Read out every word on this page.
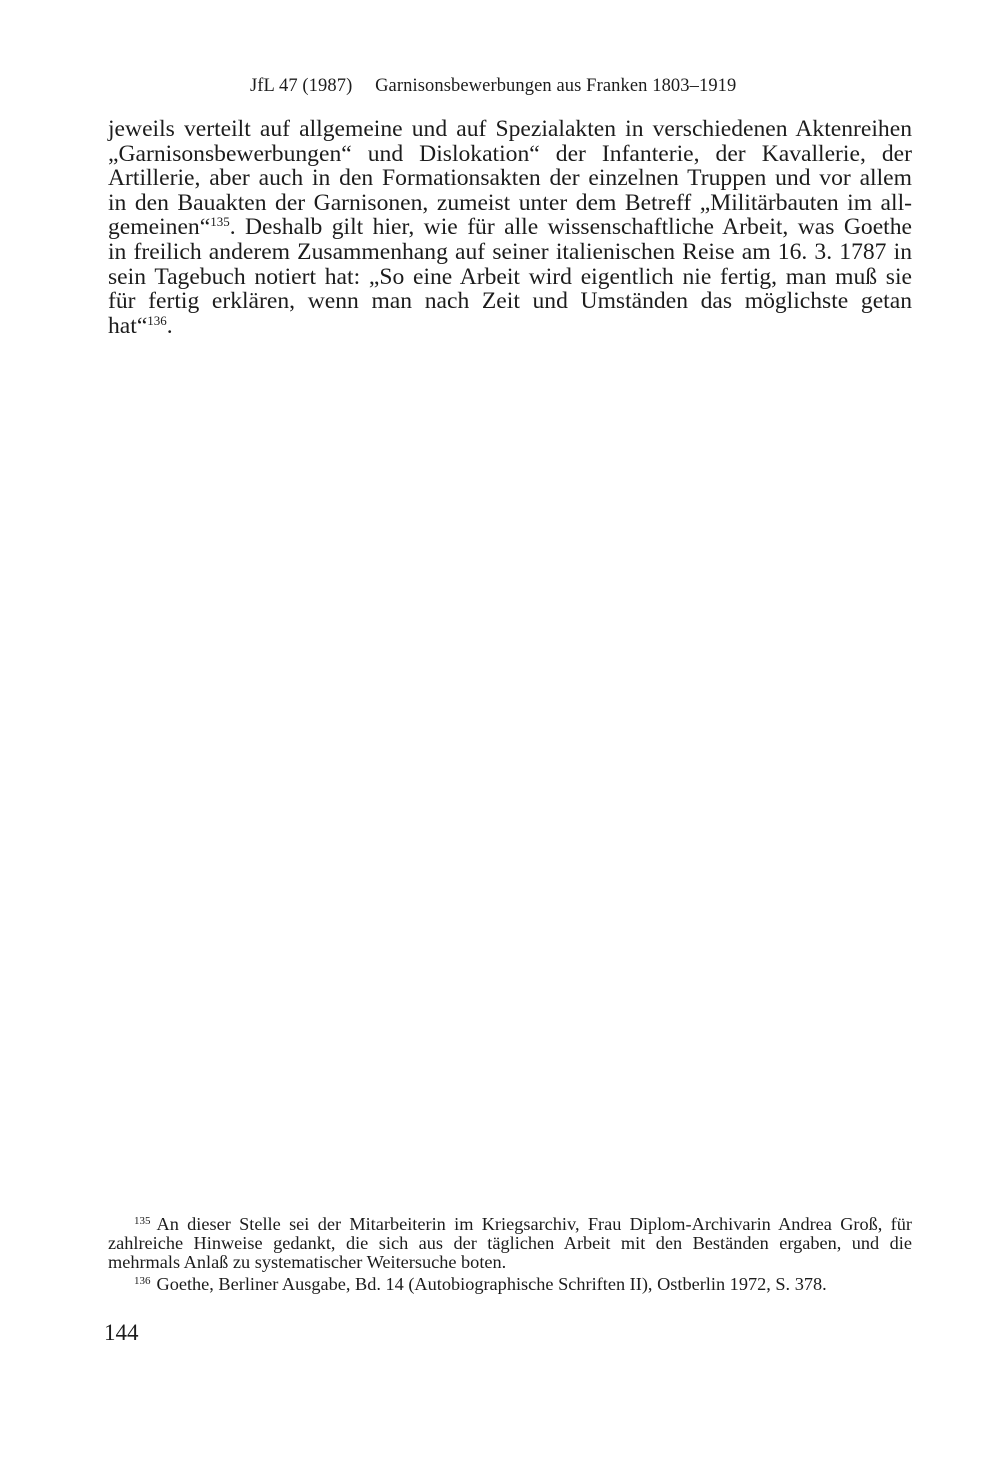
JfL 47 (1987) Garnisonsbewerbungen aus Franken 1803–1919
jeweils verteilt auf allgemeine und auf Spezialakten in verschiedenen Aktenreihen
„Garnisonsbewerbungen“ und Dislokation“ der Infanterie, der Kavallerie, der
Artillerie, aber auch in den Formationsakten der einzelnen Truppen und vor allem
in den Bauakten der Garnisonen, zumeist unter dem Betreff „Militärbauten im all-
gemeinen“$^{135}$. Deshalb gilt hier, wie für alle wissenschaftliche Arbeit, was Goethe
in freilich anderem Zusammenhang auf seiner italienischen Reise am 16. 3. 1787 in
sein Tagebuch notiert hat: „So eine Arbeit wird eigentlich nie fertig, man muß sie
für fertig erklären, wenn man nach Zeit und Umständen das möglichste getan
hat“$^{136}$.
$^{135}$ An dieser Stelle sei der Mitarbeiterin im Kriegsarchiv, Frau Diplom-Archivarin Andrea Groß, für
zahlreiche Hinweise gedankt, die sich aus der täglichen Arbeit mit den Beständen ergaben, und die
mehrmals Anlaß zu systematischer Weitersuche boten.
$^{136}$ Goethe, Berliner Ausgabe, Bd. 14 (Autobiographische Schriften II), Ostberlin 1972, S. 378.
144
